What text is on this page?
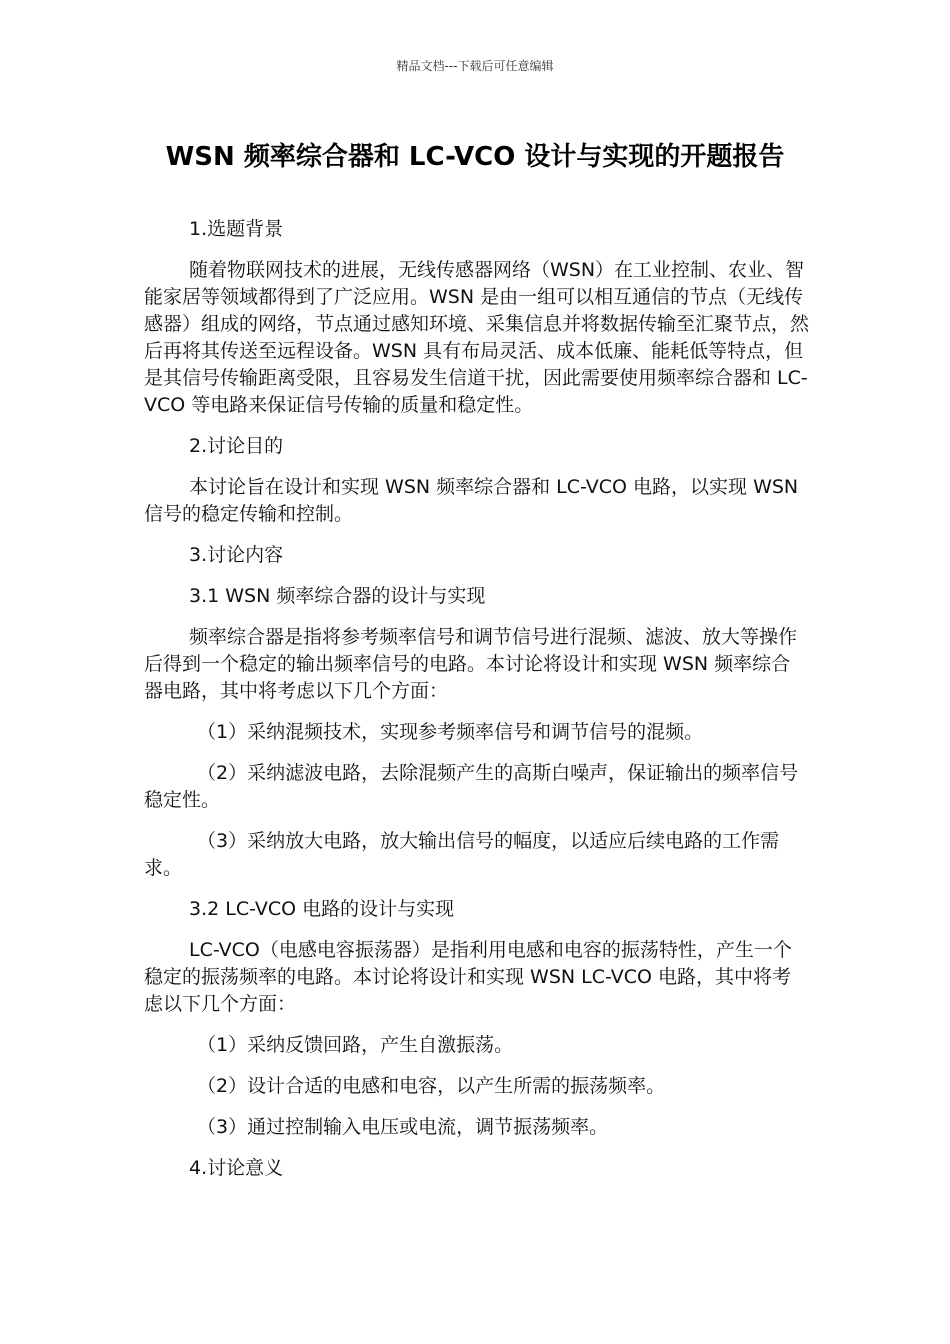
精品文档---下载后可任意编辑
WSN 频率综合器和 LC-VCO 设计与实现的开题报告

1.选题背景

随着物联网技术的进展，无线传感器网络（WSN）在工业控制、农业、智能家居等领域都得到了广泛应用。WSN 是由一组可以相互通信的节点（无线传感器）组成的网络，节点通过感知环境、采集信息并将数据传输至汇聚节点，然后再将其传送至远程设备。WSN 具有布局灵活、成本低廉、能耗低等特点，但是其信号传输距离受限，且容易发生信道干扰，因此需要使用频率综合器和 LC-VCO 等电路来保证信号传输的质量和稳定性。

2.讨论目的

本讨论旨在设计和实现 WSN 频率综合器和 LC-VCO 电路，以实现 WSN 信号的稳定传输和控制。

3.讨论内容

3.1 WSN 频率综合器的设计与实现

频率综合器是指将参考频率信号和调节信号进行混频、滤波、放大等操作后得到一个稳定的输出频率信号的电路。本讨论将设计和实现 WSN 频率综合器电路，其中将考虑以下几个方面：

（1）采纳混频技术，实现参考频率信号和调节信号的混频。

（2）采纳滤波电路，去除混频产生的高斯白噪声，保证输出的频率信号稳定性。

（3）采纳放大电路，放大输出信号的幅度，以适应后续电路的工作需求。

3.2 LC-VCO 电路的设计与实现

LC-VCO（电感电容振荡器）是指利用电感和电容的振荡特性，产生一个稳定的振荡频率的电路。本讨论将设计和实现 WSN LC-VCO 电路，其中将考虑以下几个方面：

（1）采纳反馈回路，产生自激振荡。

（2）设计合适的电感和电容，以产生所需的振荡频率。

（3）通过控制输入电压或电流，调节振荡频率。

4.讨论意义
